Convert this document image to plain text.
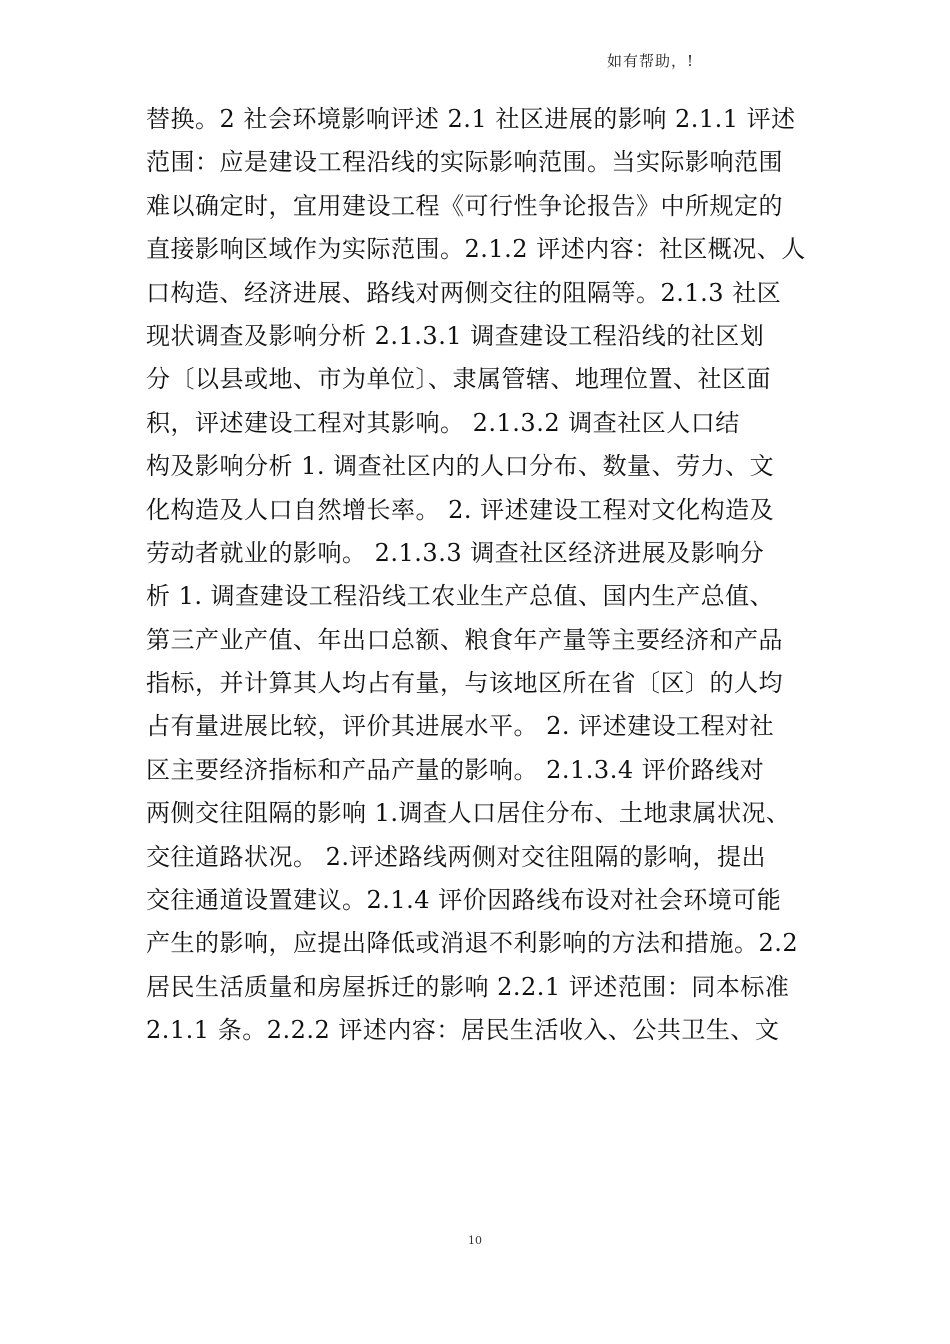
如有帮助，!
替换。2 社会环境影响评述 2.1 社区进展的影响 2.1.1 评述
范围：应是建设工程沿线的实际影响范围。当实际影响范围
难以确定时，宜用建设工程《可行性争论报告》中所规定的
直接影响区域作为实际范围。2.1.2 评述内容：社区概况、人
口构造、经济进展、路线对两侧交往的阻隔等。2.1.3 社区
现状调查及影响分析 2.1.3.1 调查建设工程沿线的社区划
分〔以县或地、市为单位〕、隶属管辖、地理位置、社区面
积，评述建设工程对其影响。 2.1.3.2 调查社区人口结
构及影响分析 1. 调查社区内的人口分布、数量、劳力、文
化构造及人口自然增长率。 2. 评述建设工程对文化构造及
劳动者就业的影响。 2.1.3.3 调查社区经济进展及影响分
析 1. 调查建设工程沿线工农业生产总值、国内生产总值、
第三产业产值、年出口总额、粮食年产量等主要经济和产品
指标，并计算其人均占有量，与该地区所在省〔区〕的人均
占有量进展比较，评价其进展水平。 2. 评述建设工程对社
区主要经济指标和产品产量的影响。 2.1.3.4 评价路线对
两侧交往阻隔的影响 1.调查人口居住分布、土地隶属状况、
交往道路状况。 2.评述路线两侧对交往阻隔的影响，提出
交往通道设置建议。2.1.4 评价因路线布设对社会环境可能
产生的影响，应提出降低或消退不利影响的方法和措施。2.2
居民生活质量和房屋拆迁的影响 2.2.1 评述范围：同本标准
2.1.1 条。2.2.2 评述内容：居民生活收入、公共卫生、文
10
